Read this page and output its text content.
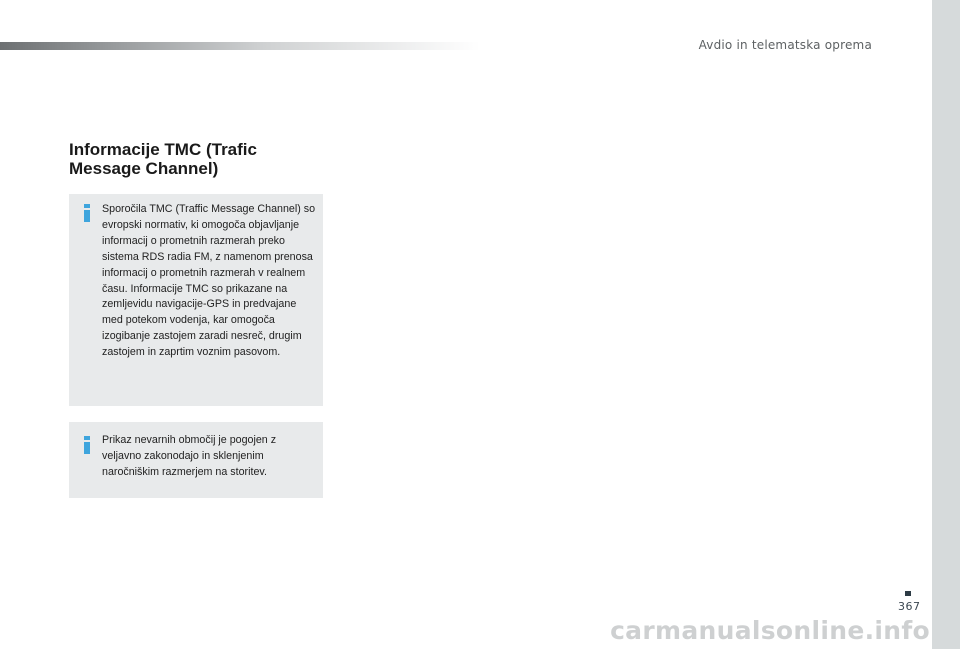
Avdio in telematska oprema
Informacije TMC (Trafic Message Channel)

Sporočila TMC (Traffic Message Channel) so evropski normativ, ki omogoča objavljanje informacij o prometnih razmerah preko sistema RDS radia FM, z namenom prenosa informacij o prometnih razmerah v realnem času. Informacije TMC so prikazane na zemljevidu navigacije-GPS in predvajane med potekom vodenja, kar omogoča izogibanje zastojem zaradi nesreč, drugim zastojem in zaprtim voznim pasovom.

Prikaz nevarnih območij je pogojen z veljavno zakonodajo in sklenjenim naročniškim razmerjem na storitev.

367
carmanualsonline.info
